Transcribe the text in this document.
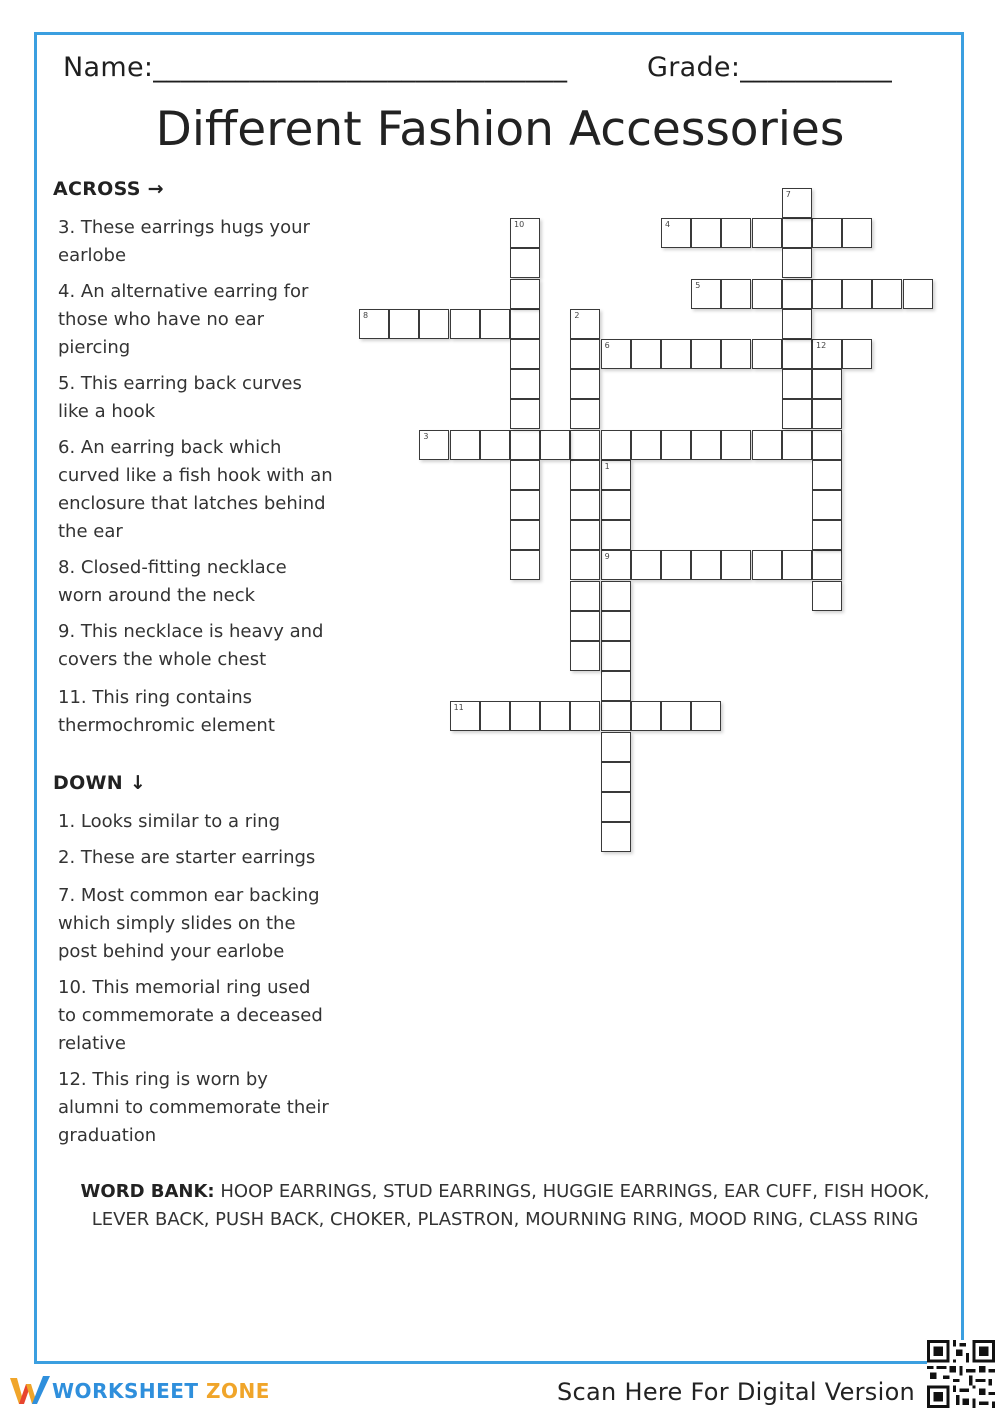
Name:______________________________	Grade:___________
Different Fashion Accessories
ACROSS →
3. These earrings hugs your earlobe
4. An alternative earring for those who have no ear piercing
5. This earring back curves like a hook
6. An earring back which curved like a fish hook with an enclosure that latches behind the ear
8. Closed-fitting necklace worn around the neck
9. This necklace is heavy and covers the whole chest
11. This ring contains thermochromic element
DOWN ↓
1. Looks similar to a ring
2. These are starter earrings
7. Most common ear backing which simply slides on the post behind your earlobe
10. This memorial ring used to commemorate a deceased relative
12. This ring is worn by alumni to commemorate their graduation
1
9
2
3
4
5
6	12
7
8
10
11
WORD BANK: HOOP EARRINGS, STUD EARRINGS, HUGGIE EARRINGS, EAR CUFF, FISH HOOK, LEVER BACK, PUSH BACK, CHOKER, PLASTRON, MOURNING RING, MOOD RING, CLASS RING
WORKSHEET ZONE	Scan Here For Digital Version
